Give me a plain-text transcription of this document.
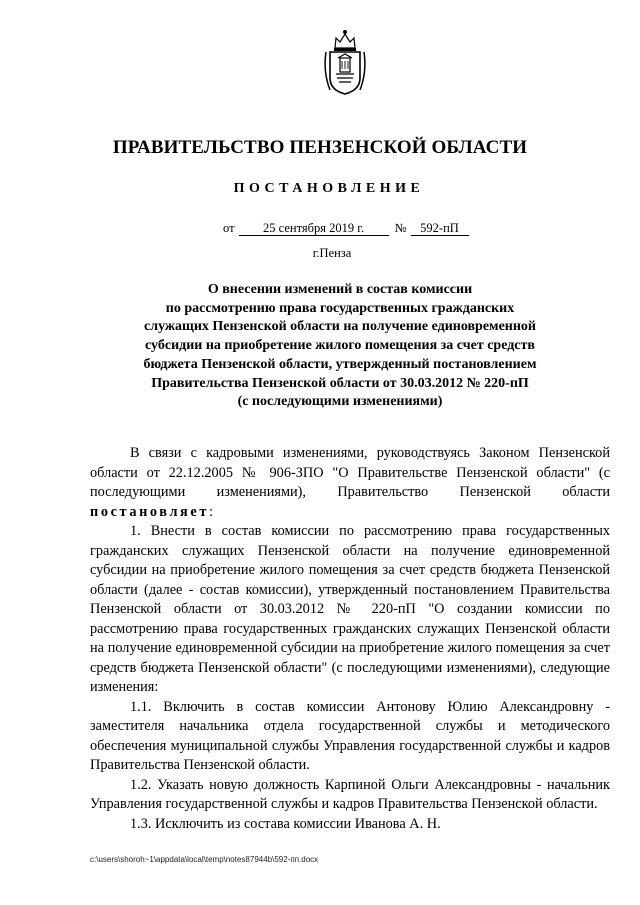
ПРАВИТЕЛЬСТВО ПЕНЗЕНСКОЙ ОБЛАСТИ
ПОСТАНОВЛЕНИЕ
от 25 сентября 2019 г. № 592-пП
г.Пенза
О внесении изменений в состав комиссии
по рассмотрению права государственных гражданских
служащих Пензенской области на получение единовременной
субсидии на приобретение жилого помещения за счет средств
бюджета Пензенской области, утвержденный постановлением
Правительства Пензенской области от 30.03.2012 № 220-пП
(с последующими изменениями)

В связи с кадровыми изменениями, руководствуясь Законом Пензенской области от 22.12.2005 № 906-ЗПО "О Правительстве Пензенской области" (с последующими изменениями), Правительство Пензенской области постановляет:

1. Внести в состав комиссии по рассмотрению права государственных гражданских служащих Пензенской области на получение единовременной субсидии на приобретение жилого помещения за счет средств бюджета Пензенской области (далее - состав комиссии), утвержденный постановлением Правительства Пензенской области от 30.03.2012 № 220-пП "О создании комиссии по рассмотрению права государственных гражданских служащих Пензенской области на получение единовременной субсидии на приобретение жилого помещения за счет средств бюджета Пензенской области" (с последующими изменениями), следующие изменения:

1.1. Включить в состав комиссии Антонову Юлию Александровну - заместителя начальника отдела государственной службы и методического обеспечения муниципальной службы Управления государственной службы и кадров Правительства Пензенской области.

1.2. Указать новую должность Карпиной Ольги Александровны - начальник Управления государственной службы и кадров Правительства Пензенской области.

1.3. Исключить из состава комиссии Иванова А. Н.

c:\users\shoroh~1\appdata\local\temp\notes87944b\592-пп.docx
